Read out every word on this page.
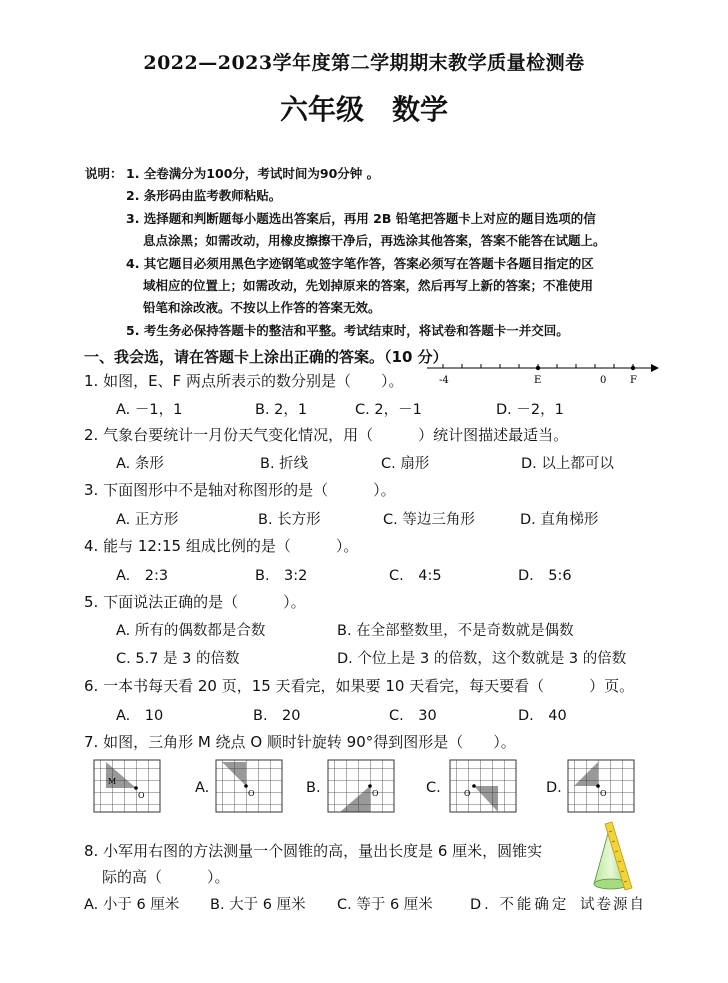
2022—2023学年度第二学期期末教学质量检测卷
六年级　数学
说明： 1. 全卷满分为100分，考试时间为90分钟 。
2. 条形码由监考教师粘贴。
3. 选择题和判断题每小题选出答案后，再用 2B 铅笔把答题卡上对应的题目选项的信
息点涂黑；如需改动，用橡皮擦擦干净后，再选涂其他答案，答案不能答在试题上。
4. 其它题目必须用黑色字迹钢笔或签字笔作答，答案必须写在答题卡各题目指定的区
域相应的位置上；如需改动，先划掉原来的答案，然后再写上新的答案；不准使用
铅笔和涂改液。不按以上作答的答案无效。
5. 考生务必保持答题卡的整洁和平整。考试结束时，将试卷和答题卡一并交回。
一、我会选，请在答题卡上涂出正确的答案。（10 分）
1. 如图，E、F 两点所表示的数分别是（　　）。	-4	E	0 F
A. －1，1	B. 2，1	C. 2，－1	D. －2，1
2. 气象台要统计一月份天气变化情况，用（　　　）统计图描述最适当。
A. 条形	B. 折线	C. 扇形	D. 以上都可以
3. 下面图形中不是轴对称图形的是（　　　）。
A. 正方形	B. 长方形	C. 等边三角形	D. 直角梯形
4. 能与 12:15 组成比例的是（　　　）。
A.　2:3	B.　3:2	C.　4:5	D.　5:6
5. 下面说法正确的是（　　　）。
A. 所有的偶数都是合数	B. 在全部整数里，不是奇数就是偶数
C. 5.7 是 3 的倍数	D. 个位上是 3 的倍数，这个数就是 3 的倍数
6. 一本书每天看 20 页，15 天看完，如果要 10 天看完，每天要看（　　　）页。
A.　10	B.　20	C.　30	D.　40
7. 如图，三角形 M 绕点 O 顺时针旋转 90°得到图形是（　　）。
M
O	A.	O	B.	O	C.	O	D.	O
8. 小军用右图的方法测量一个圆锥的高，量出长度是 6 厘米，圆锥实
际的高（　　　）。
A. 小于 6 厘米 B. 大于 6 厘米 C. 等于 6 厘米	D. 不能确定 试卷源自
